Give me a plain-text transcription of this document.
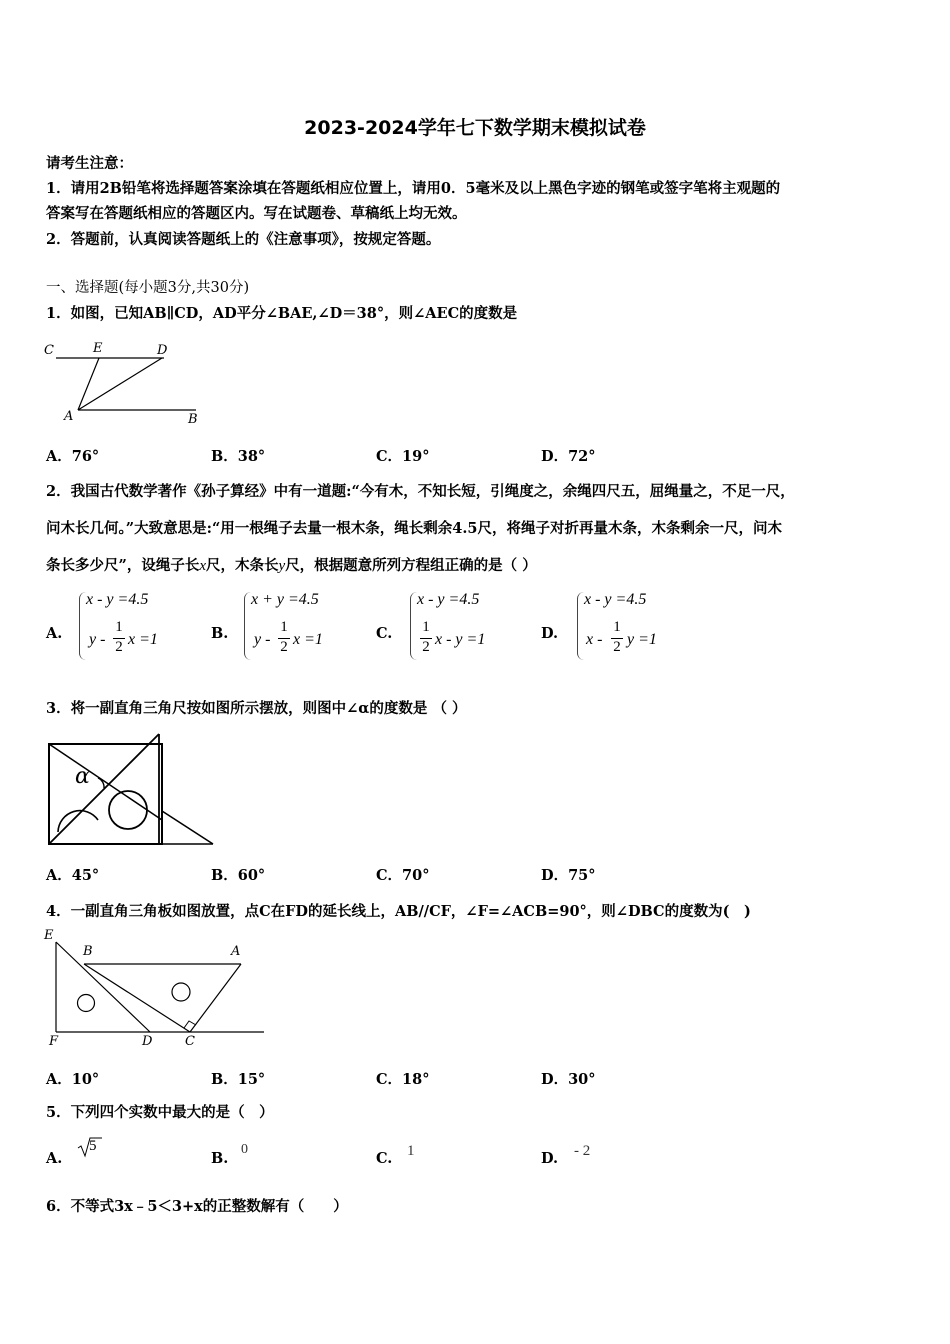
2023-2024学年七下数学期末模拟试卷
请考生注意：
1．请用2B铅笔将选择题答案涂填在答题纸相应位置上，请用0．5毫米及以上黑色字迹的钢笔或签字笔将主观题的
答案写在答题纸相应的答题区内。写在试题卷、草稿纸上均无效。
2．答题前，认真阅读答题纸上的《注意事项》，按规定答题。
一、选择题(每小题3分,共30分)
1．如图，已知AB∥CD，AD平分∠BAE,∠D＝38°，则∠AEC的度数是
C	E	D
A	B
A．76°	B．38°	C．19°	D．72°
2．我国古代数学著作《孙子算经》中有一道题:“今有木，不知长短，引绳度之，余绳四尺五，屈绳量之，不足一尺，
问木长几何。”大致意思是:“用一根绳子去量一根木条，绳长剩余4.5尺，将绳子对折再量木条，木条剩余一尺，问木
条长多少尺”，设绳子长x尺，木条长y尺，根据题意所列方程组正确的是（ ）
A.
x - y =4.5
y -
1
2 x =1	B.
x + y =4.5
y -
1
2 x =1	C.
x - y =4.5
1
2 x - y =1	D.
x - y =4.5
x -
1
2 y =1
3．将一副直角三角尺按如图所示摆放，则图中∠α的度数是 （ ）
α
A．45°	B．60°	C．70°	D．75°
4．一副直角三角板如图放置，点C在FD的延长线上，AB//CF，∠F=∠ACB=90°，则∠DBC的度数为(　)
E
B	A
F	D	C
A．10°	B．15°	C．18°	D．30°
5．下列四个实数中最大的是（　）
A.
5
B.
0
C. 1	D. - 2
6．不等式3x﹣5＜3+x的正整数解有（　　）
